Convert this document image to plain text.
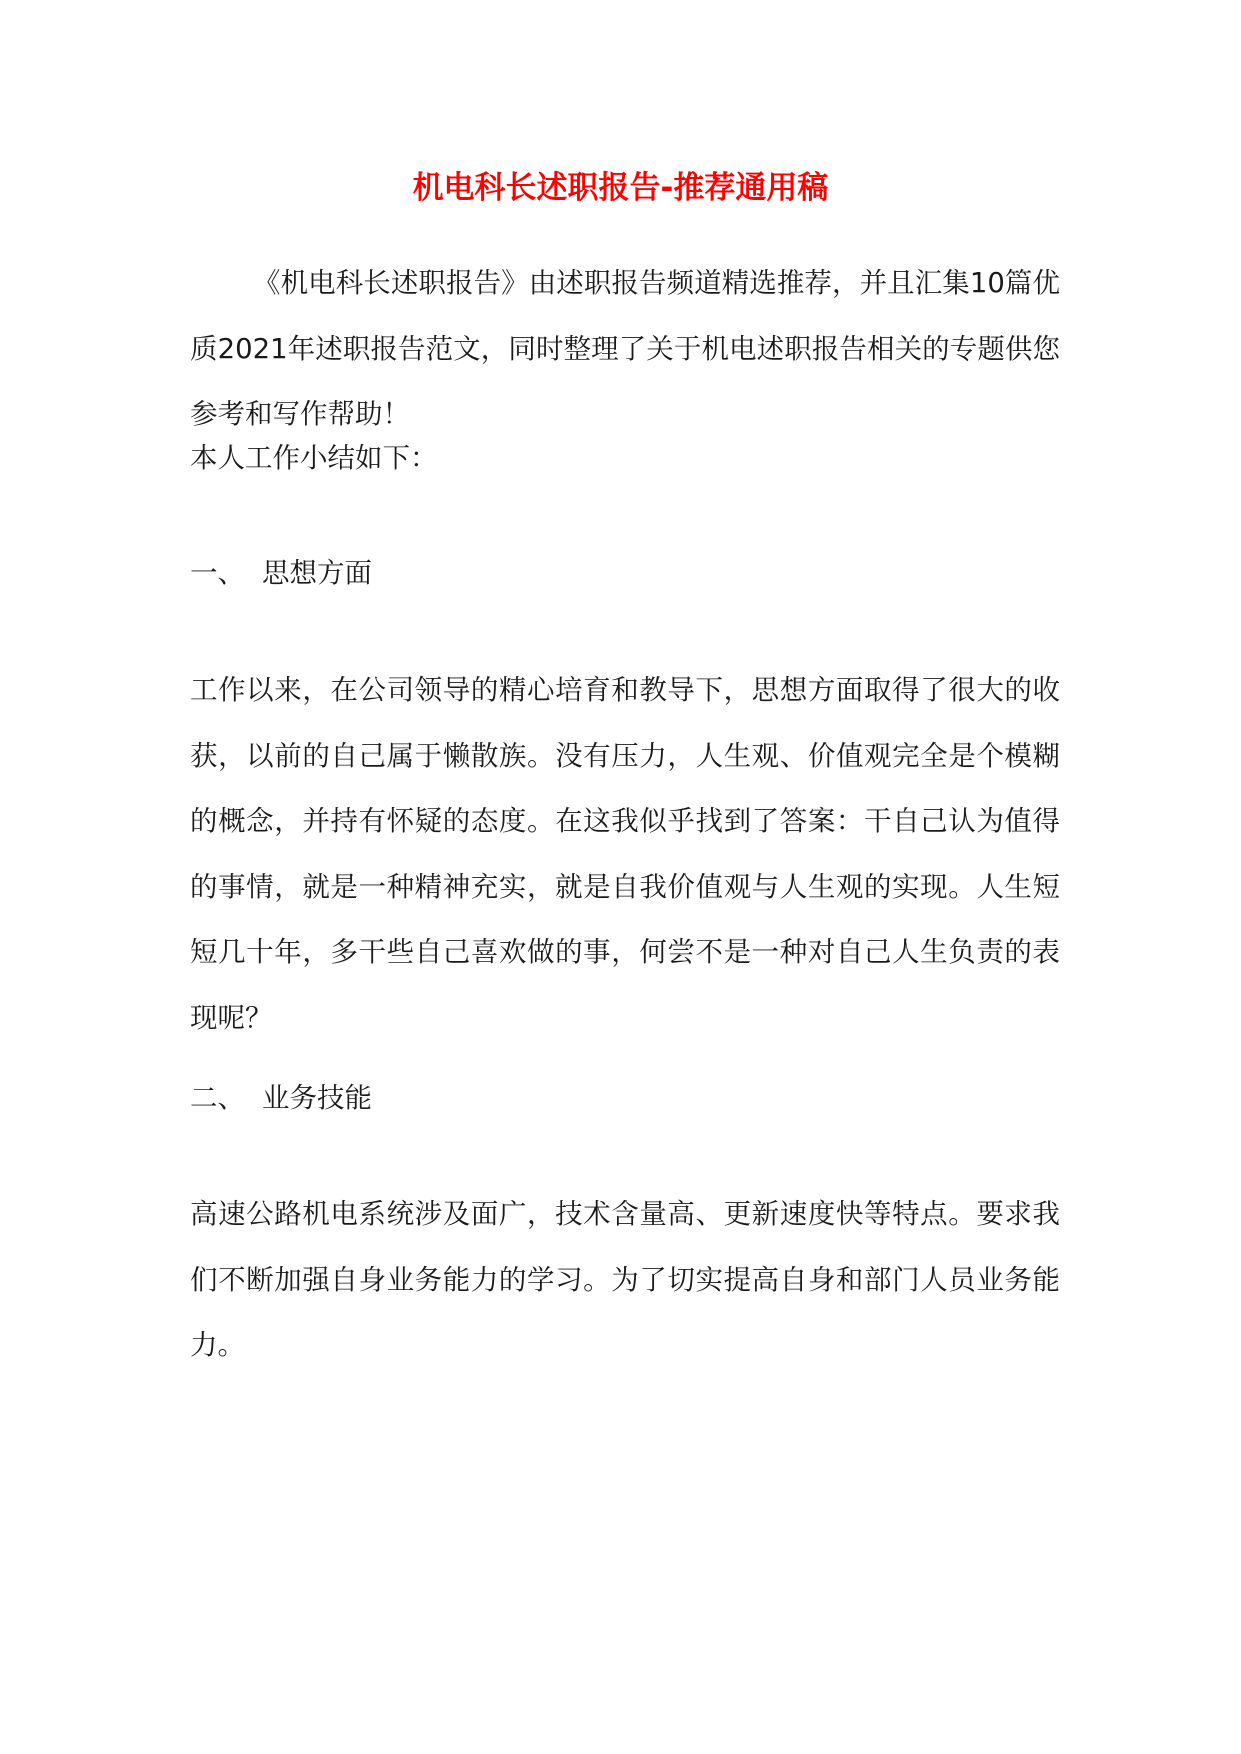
机电科长述职报告-推荐通用稿

《机电科长述职报告》由述职报告频道精选推荐，并且汇集10篇优质2021年述职报告范文，同时整理了关于机电述职报告相关的专题供您参考和写作帮助！

本人工作小结如下：

一、 思想方面

工作以来，在公司领导的精心培育和教导下，思想方面取得了很大的收获，以前的自己属于懒散族。没有压力，人生观、价值观完全是个模糊的概念，并持有怀疑的态度。在这我似乎找到了答案：干自己认为值得的事情，就是一种精神充实，就是自我价值观与人生观的实现。人生短短几十年，多干些自己喜欢做的事，何尝不是一种对自己人生负责的表现呢？

二、 业务技能

高速公路机电系统涉及面广，技术含量高、更新速度快等特点。要求我们不断加强自身业务能力的学习。为了切实提高自身和部门人员业务能力。
